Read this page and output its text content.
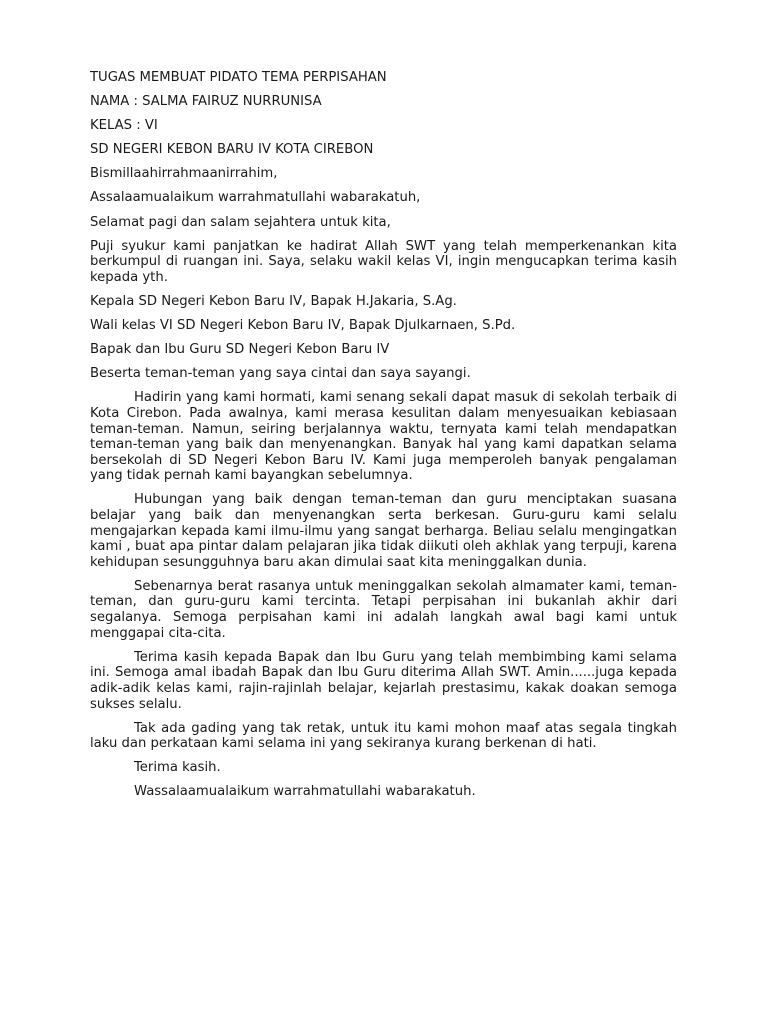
TUGAS MEMBUAT PIDATO TEMA PERPISAHAN

NAMA : SALMA FAIRUZ NURRUNISA

KELAS : VI

SD NEGERI KEBON BARU IV KOTA CIREBON

Bismillaahirrahmaanirrahim,

Assalaamualaikum warrahmatullahi wabarakatuh,

Selamat pagi dan salam sejahtera untuk kita,

Puji syukur kami panjatkan ke hadirat Allah SWT yang telah memperkenankan kita berkumpul di ruangan ini. Saya, selaku wakil kelas VI, ingin mengucapkan terima kasih kepada yth.

Kepala SD Negeri Kebon Baru IV, Bapak H.Jakaria, S.Ag.

Wali kelas VI SD Negeri Kebon Baru IV, Bapak Djulkarnaen, S.Pd.

Bapak dan Ibu Guru SD Negeri Kebon Baru IV

Beserta teman-teman yang saya cintai dan saya sayangi.

Hadirin yang kami hormati, kami senang sekali dapat masuk di sekolah terbaik di Kota Cirebon. Pada awalnya, kami merasa kesulitan dalam menyesuaikan kebiasaan teman-teman. Namun, seiring berjalannya waktu, ternyata kami telah mendapatkan teman-teman yang baik dan menyenangkan. Banyak hal yang kami dapatkan selama bersekolah di SD Negeri Kebon Baru IV. Kami juga memperoleh banyak pengalaman yang tidak pernah kami bayangkan sebelumnya.

Hubungan yang baik dengan teman-teman dan guru menciptakan suasana belajar yang baik dan menyenangkan serta berkesan. Guru-guru kami selalu mengajarkan kepada kami ilmu-ilmu yang sangat berharga. Beliau selalu mengingatkan kami , buat apa pintar dalam pelajaran jika tidak diikuti oleh akhlak yang terpuji, karena kehidupan sesungguhnya baru akan dimulai saat kita meninggalkan dunia.

Sebenarnya berat rasanya untuk meninggalkan sekolah almamater kami, teman-teman, dan guru-guru kami tercinta. Tetapi perpisahan ini bukanlah akhir dari segalanya. Semoga perpisahan kami ini adalah langkah awal bagi kami untuk menggapai cita-cita.

Terima kasih kepada Bapak dan Ibu Guru yang telah membimbing kami selama ini. Semoga amal ibadah Bapak dan Ibu Guru diterima Allah SWT. Amin......juga kepada adik-adik kelas kami, rajin-rajinlah belajar, kejarlah prestasimu, kakak doakan semoga sukses selalu.

Tak ada gading yang tak retak, untuk itu kami mohon maaf atas segala tingkah laku dan perkataan kami selama ini yang sekiranya kurang berkenan di hati.

Terima kasih.

Wassalaamualaikum warrahmatullahi wabarakatuh.
